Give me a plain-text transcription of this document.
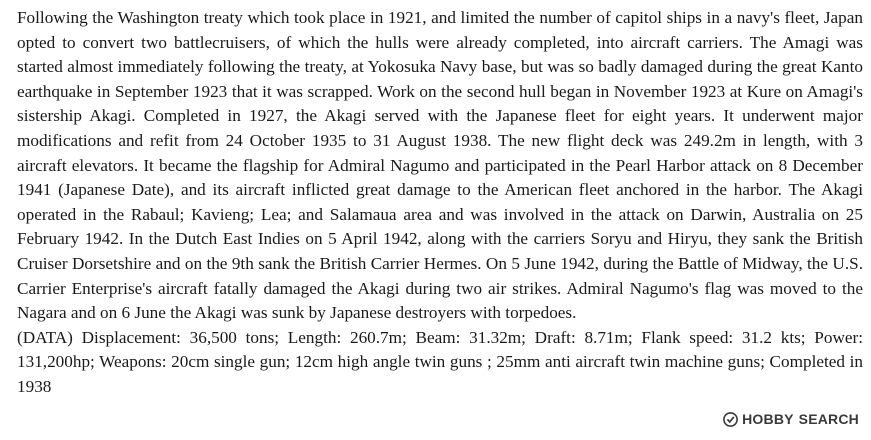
Following the Washington treaty which took place in 1921, and limited the number of capitol ships in a navy's fleet, Japan opted to convert two battlecruisers, of which the hulls were already completed, into aircraft carriers. The Amagi was started almost immediately following the treaty, at Yokosuka Navy base, but was so badly damaged during the great Kanto earthquake in September 1923 that it was scrapped. Work on the second hull began in November 1923 at Kure on Amagi's sistership Akagi. Completed in 1927, the Akagi served with the Japanese fleet for eight years. It underwent major modifications and refit from 24 October 1935 to 31 August 1938. The new flight deck was 249.2m in length, with 3 aircraft elevators. It became the flagship for Admiral Nagumo and participated in the Pearl Harbor attack on 8 December 1941 (Japanese Date), and its aircraft inflicted great damage to the American fleet anchored in the harbor. The Akagi operated in the Rabaul; Kavieng; Lea; and Salamaua area and was involved in the attack on Darwin, Australia on 25 February 1942. In the Dutch East Indies on 5 April 1942, along with the carriers Soryu and Hiryu, they sank the British Cruiser Dorsetshire and on the 9th sank the British Carrier Hermes. On 5 June 1942, during the Battle of Midway, the U.S. Carrier Enterprise's aircraft fatally damaged the Akagi during two air strikes. Admiral Nagumo's flag was moved to the Nagara and on 6 June the Akagi was sunk by Japanese destroyers with torpedoes.

(DATA) Displacement: 36,500 tons; Length: 260.7m; Beam: 31.32m; Draft: 8.71m; Flank speed: 31.2 kts; Power: 131,200hp; Weapons: 20cm single gun; 12cm high angle twin guns ; 25mm anti aircraft twin machine guns; Completed in 1938

HOBBY SEARCH
